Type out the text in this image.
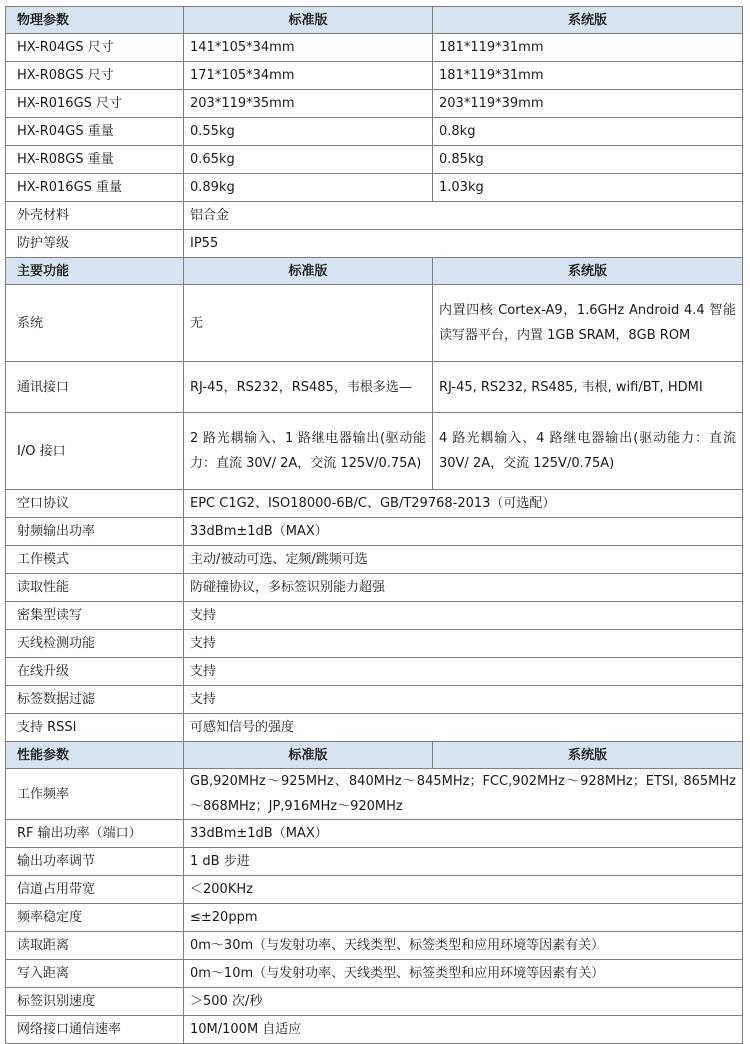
物理参数	标准版	系统版
HX-R04GS 尺寸	141*105*34mm	181*119*31mm
HX-R08GS 尺寸	171*105*34mm	181*119*31mm
HX-R016GS 尺寸	203*119*35mm	203*119*39mm
HX-R04GS 重量	0.55kg	0.8kg
HX-R08GS 重量	0.65kg	0.85kg
HX-R016GS 重量	0.89kg	1.03kg
外壳材料	铝合金	
防护等级	IP55	
主要功能	标准版	系统版
系统	无	内置四核 Cortex-A9，1.6GHz Android 4.4 智能读写器平台，内置 1GB SRAM，8GB ROM
通讯接口	RJ-45，RS232，RS485，韦根多选—	RJ-45, RS232, RS485, 韦根, wifi/BT, HDMI
I/O 接口	2 路光耦输入、1 路继电器输出(驱动能力：直流 30V/ 2A，交流 125V/0.75A)	4 路光耦输入、4 路继电器输出(驱动能力：直流 30V/ 2A，交流 125V/0.75A)
空口协议	EPC C1G2、ISO18000-6B/C、GB/T29768-2013（可选配）	
射频输出功率	33dBm±1dB（MAX）	
工作模式	主动/被动可选、定频/跳频可选	
读取性能	防碰撞协议，多标签识别能力超强	
密集型读写	支持	
天线检测功能	支持	
在线升级	支持	
标签数据过滤	支持	
支持 RSSI	可感知信号的强度	
性能参数	标准版	系统版
工作频率	GB,920MHz～925MHz、840MHz～845MHz；FCC,902MHz～928MHz；ETSI, 865MHz～868MHz；JP,916MHz～920MHz	
RF 输出功率（端口）	33dBm±1dB（MAX）	
输出功率调节	1 dB 步进	
信道占用带宽	＜200KHz	
频率稳定度	≤±20ppm	
读取距离	0m～30m（与发射功率、天线类型、标签类型和应用环境等因素有关）	
写入距离	0m～10m（与发射功率、天线类型、标签类型和应用环境等因素有关）	
标签识别速度	＞500 次/秒	
网络接口通信速率	10M/100M 自适应	
